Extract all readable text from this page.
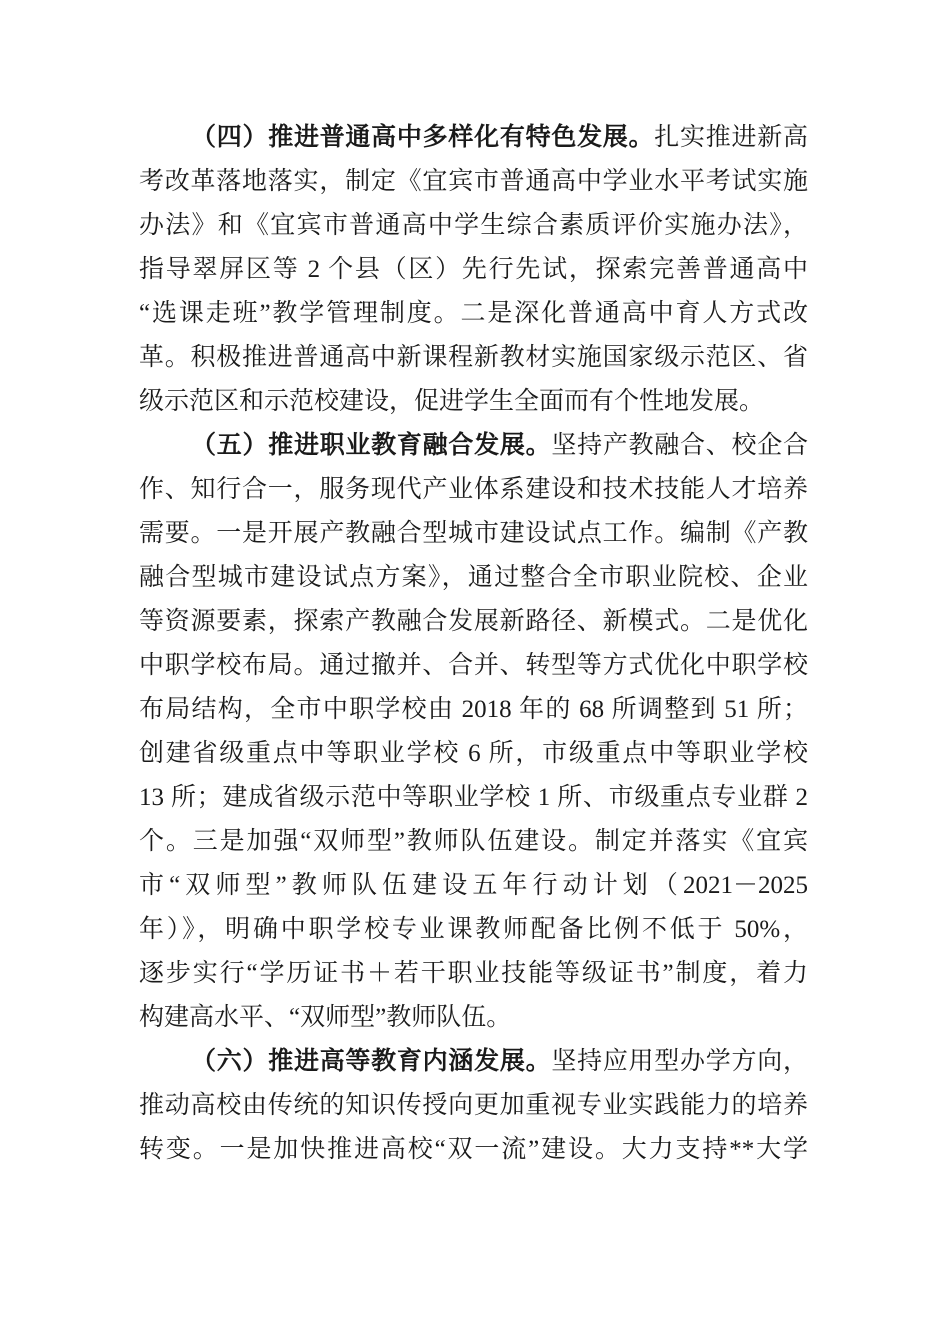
（四）推进普通高中多样化有特色发展。扎实推进新高
考改革落地落实，制定《宜宾市普通高中学业水平考试实施
办法》和《宜宾市普通高中学生综合素质评价实施办法》，
指导翠屏区等 2 个县（区）先行先试，探索完善普通高中
“选课走班”教学管理制度。二是深化普通高中育人方式改
革。积极推进普通高中新课程新教材实施国家级示范区、省
级示范区和示范校建设，促进学生全面而有个性地发展。
（五）推进职业教育融合发展。坚持产教融合、校企合
作、知行合一，服务现代产业体系建设和技术技能人才培养
需要。一是开展产教融合型城市建设试点工作。编制《产教
融合型城市建设试点方案》，通过整合全市职业院校、企业
等资源要素，探索产教融合发展新路径、新模式。二是优化
中职学校布局。通过撤并、合并、转型等方式优化中职学校
布局结构，全市中职学校由 2018 年的 68 所调整到 51 所；
创建省级重点中等职业学校 6 所，市级重点中等职业学校
13 所；建成省级示范中等职业学校 1 所、市级重点专业群 2
个。三是加强“双师型”教师队伍建设。制定并落实《宜宾
市“双师型”教师队伍建设五年行动计划（2021－2025
年）》，明确中职学校专业课教师配备比例不低于 50%，
逐步实行“学历证书＋若干职业技能等级证书”制度，着力
构建高水平、“双师型”教师队伍。
（六）推进高等教育内涵发展。坚持应用型办学方向，
推动高校由传统的知识传授向更加重视专业实践能力的培养
转变。一是加快推进高校“双一流”建设。大力支持**大学
